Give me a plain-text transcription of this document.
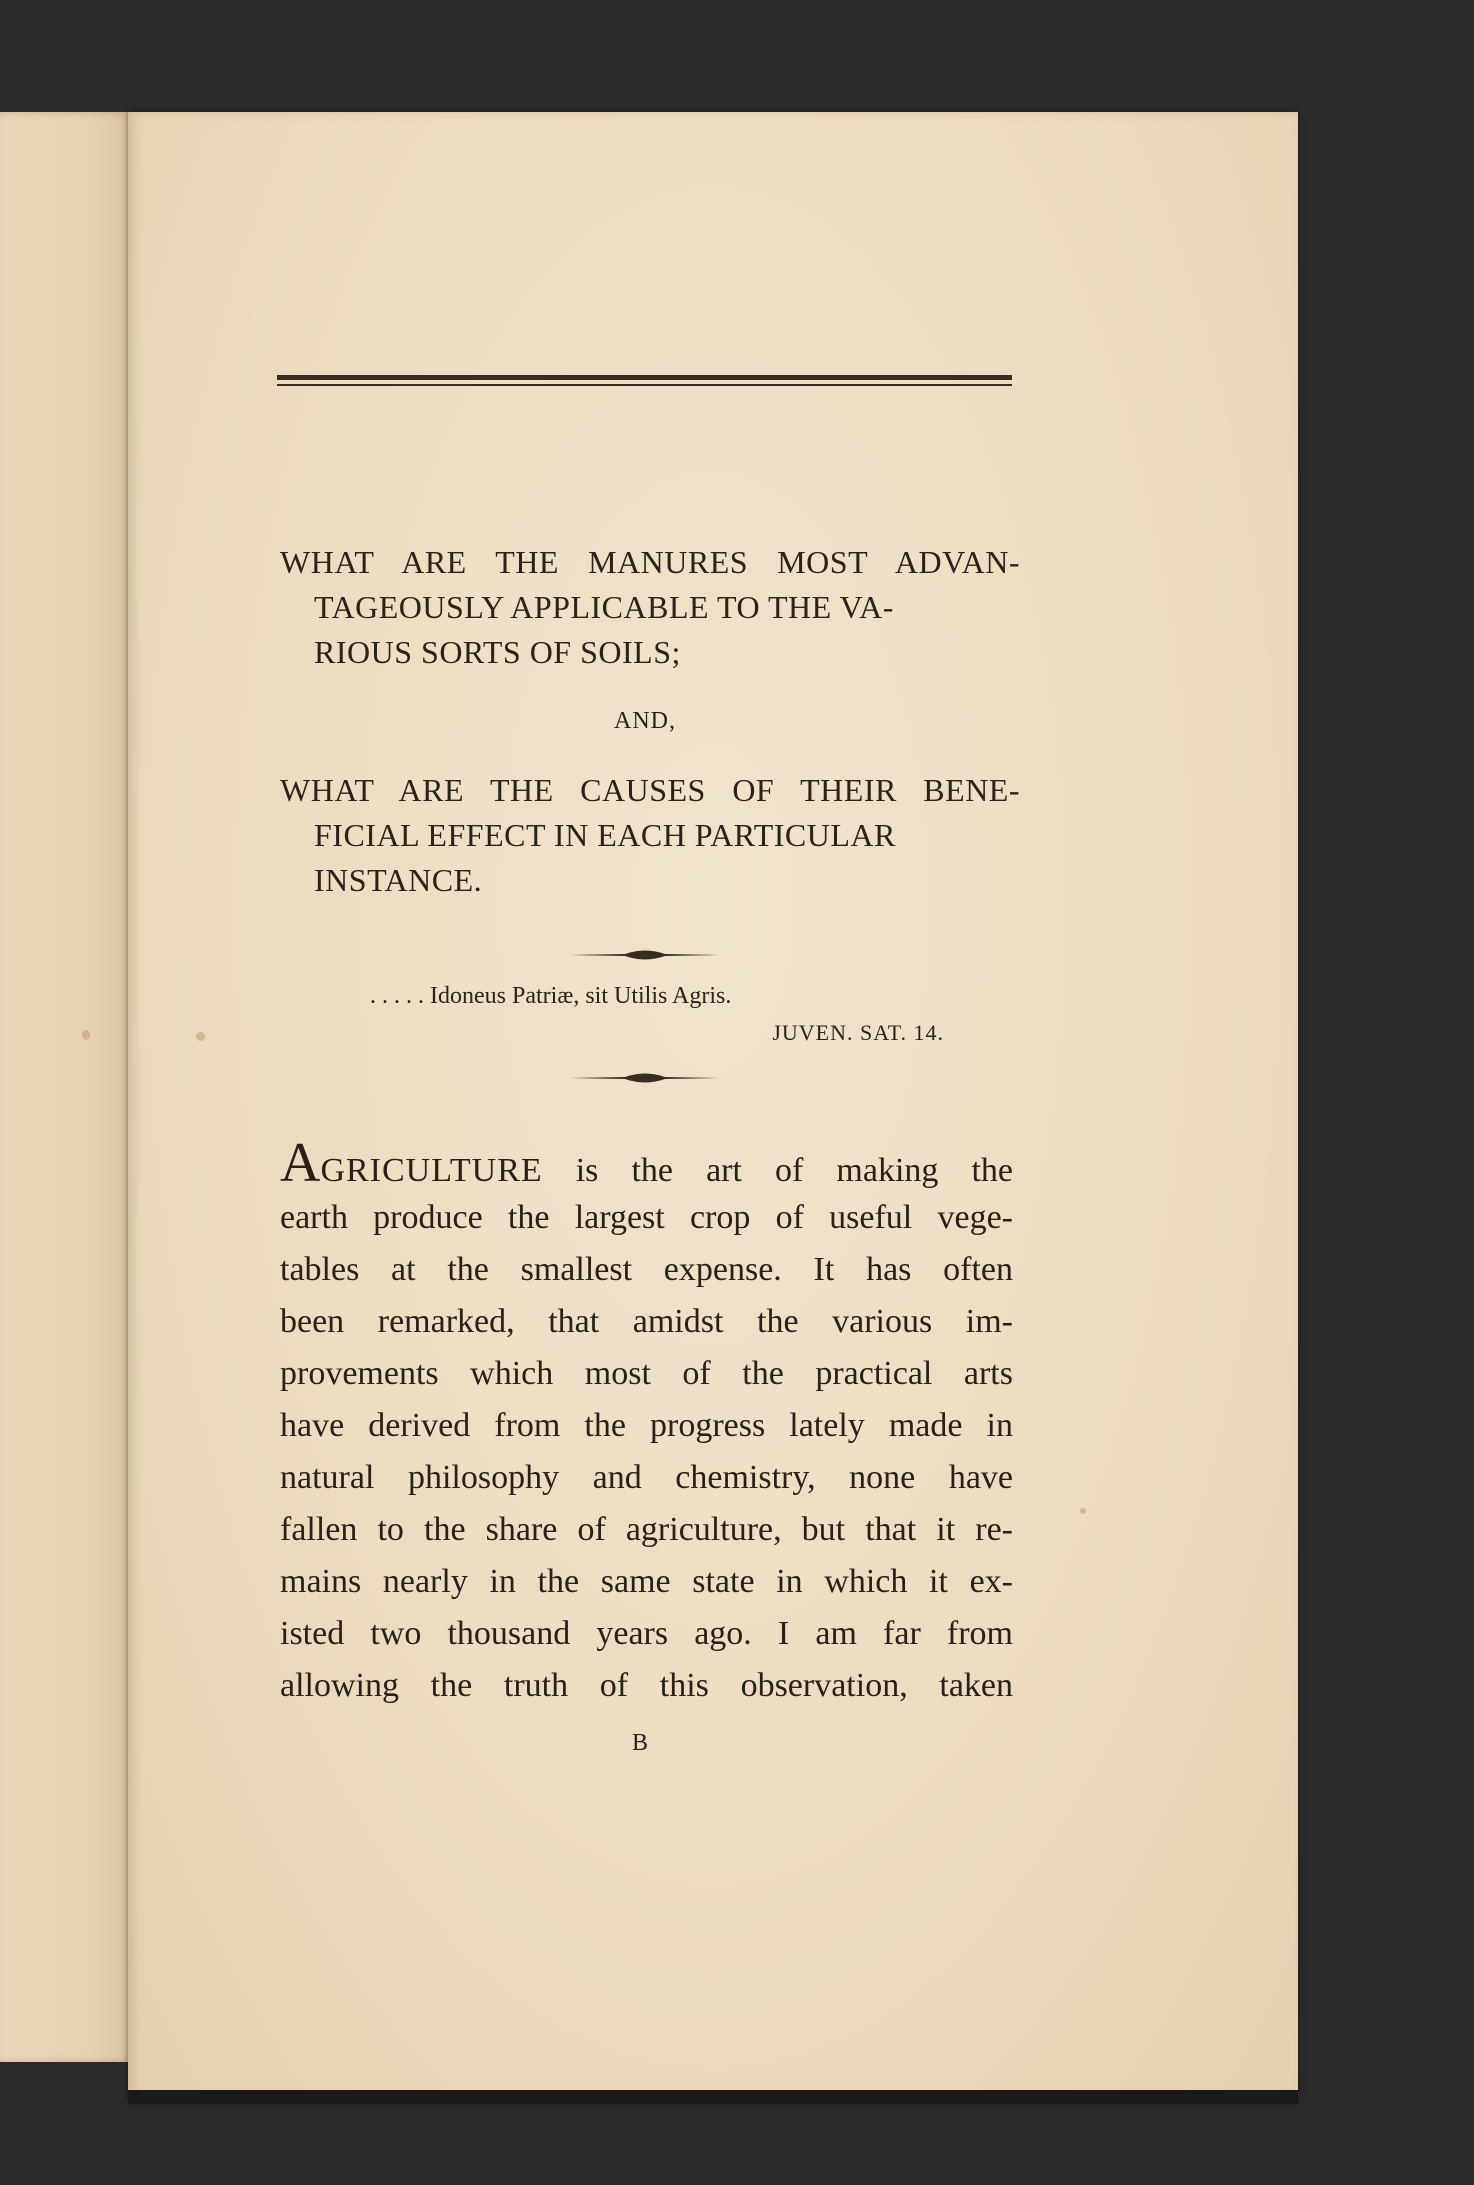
WHAT ARE THE MANURES MOST ADVAN-
TAGEOUSLY APPLICABLE TO THE VA-
RIOUS SORTS OF SOILS;
AND,
WHAT ARE THE CAUSES OF THEIR BENE-
FICIAL EFFECT IN EACH PARTICULAR
INSTANCE.
. . . . . Idoneus Patriæ, sit Utilis Agris.
JUVEN. SAT. 14.
AGRICULTURE is the art of making the
earth produce the largest crop of useful vege-
tables at the smallest expense. It has often
been remarked, that amidst the various im-
provements which most of the practical arts
have derived from the progress lately made in
natural philosophy and chemistry, none have
fallen to the share of agriculture, but that it re-
mains nearly in the same state in which it ex-
isted two thousand years ago. I am far from
allowing the truth of this observation, taken
B
